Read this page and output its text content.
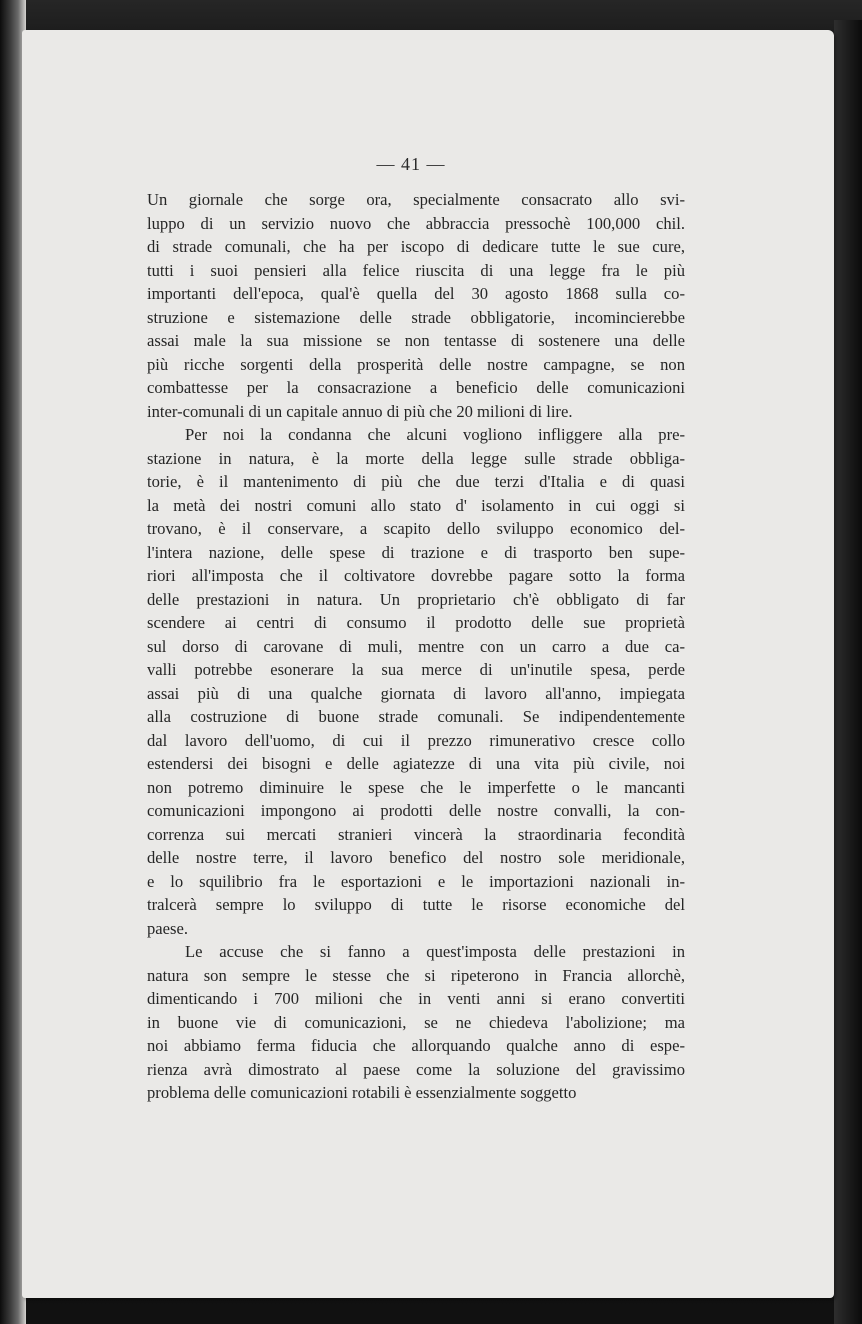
— 41 —
Un giornale che sorge ora, specialmente consacrato allo svi-
luppo di un servizio nuovo che abbraccia pressochè 100,000 chil.
di strade comunali, che ha per iscopo di dedicare tutte le sue cure,
tutti i suoi pensieri alla felice riuscita di una legge fra le più
importanti dell'epoca, qual'è quella del 30 agosto 1868 sulla co-
struzione e sistemazione delle strade obbligatorie, incomincierebbe
assai male la sua missione se non tentasse di sostenere una delle
più ricche sorgenti della prosperità delle nostre campagne, se non
combattesse per la consacrazione a beneficio delle comunicazioni
inter-comunali di un capitale annuo di più che 20 milioni di lire.
Per noi la condanna che alcuni vogliono infliggere alla pre-
stazione in natura, è la morte della legge sulle strade obbliga-
torie, è il mantenimento di più che due terzi d'Italia e di quasi
la metà dei nostri comuni allo stato d' isolamento in cui oggi si
trovano, è il conservare, a scapito dello sviluppo economico del-
l'intera nazione, delle spese di trazione e di trasporto ben supe-
riori all'imposta che il coltivatore dovrebbe pagare sotto la forma
delle prestazioni in natura. Un proprietario ch'è obbligato di far
scendere ai centri di consumo il prodotto delle sue proprietà
sul dorso di carovane di muli, mentre con un carro a due ca-
valli potrebbe esonerare la sua merce di un'inutile spesa, perde
assai più di una qualche giornata di lavoro all'anno, impiegata
alla costruzione di buone strade comunali. Se indipendentemente
dal lavoro dell'uomo, di cui il prezzo rimunerativo cresce collo
estendersi dei bisogni e delle agiatezze di una vita più civile, noi
non potremo diminuire le spese che le imperfette o le mancanti
comunicazioni impongono ai prodotti delle nostre convalli, la con-
correnza sui mercati stranieri vincerà la straordinaria fecondità
delle nostre terre, il lavoro benefico del nostro sole meridionale,
e lo squilibrio fra le esportazioni e le importazioni nazionali in-
tralcerà sempre lo sviluppo di tutte le risorse economiche del
paese.
Le accuse che si fanno a quest'imposta delle prestazioni in
natura son sempre le stesse che si ripeterono in Francia allorchè,
dimenticando i 700 milioni che in venti anni si erano convertiti
in buone vie di comunicazioni, se ne chiedeva l'abolizione; ma
noi abbiamo ferma fiducia che allorquando qualche anno di espe-
rienza avrà dimostrato al paese come la soluzione del gravissimo
problema delle comunicazioni rotabili è essenzialmente soggetto
